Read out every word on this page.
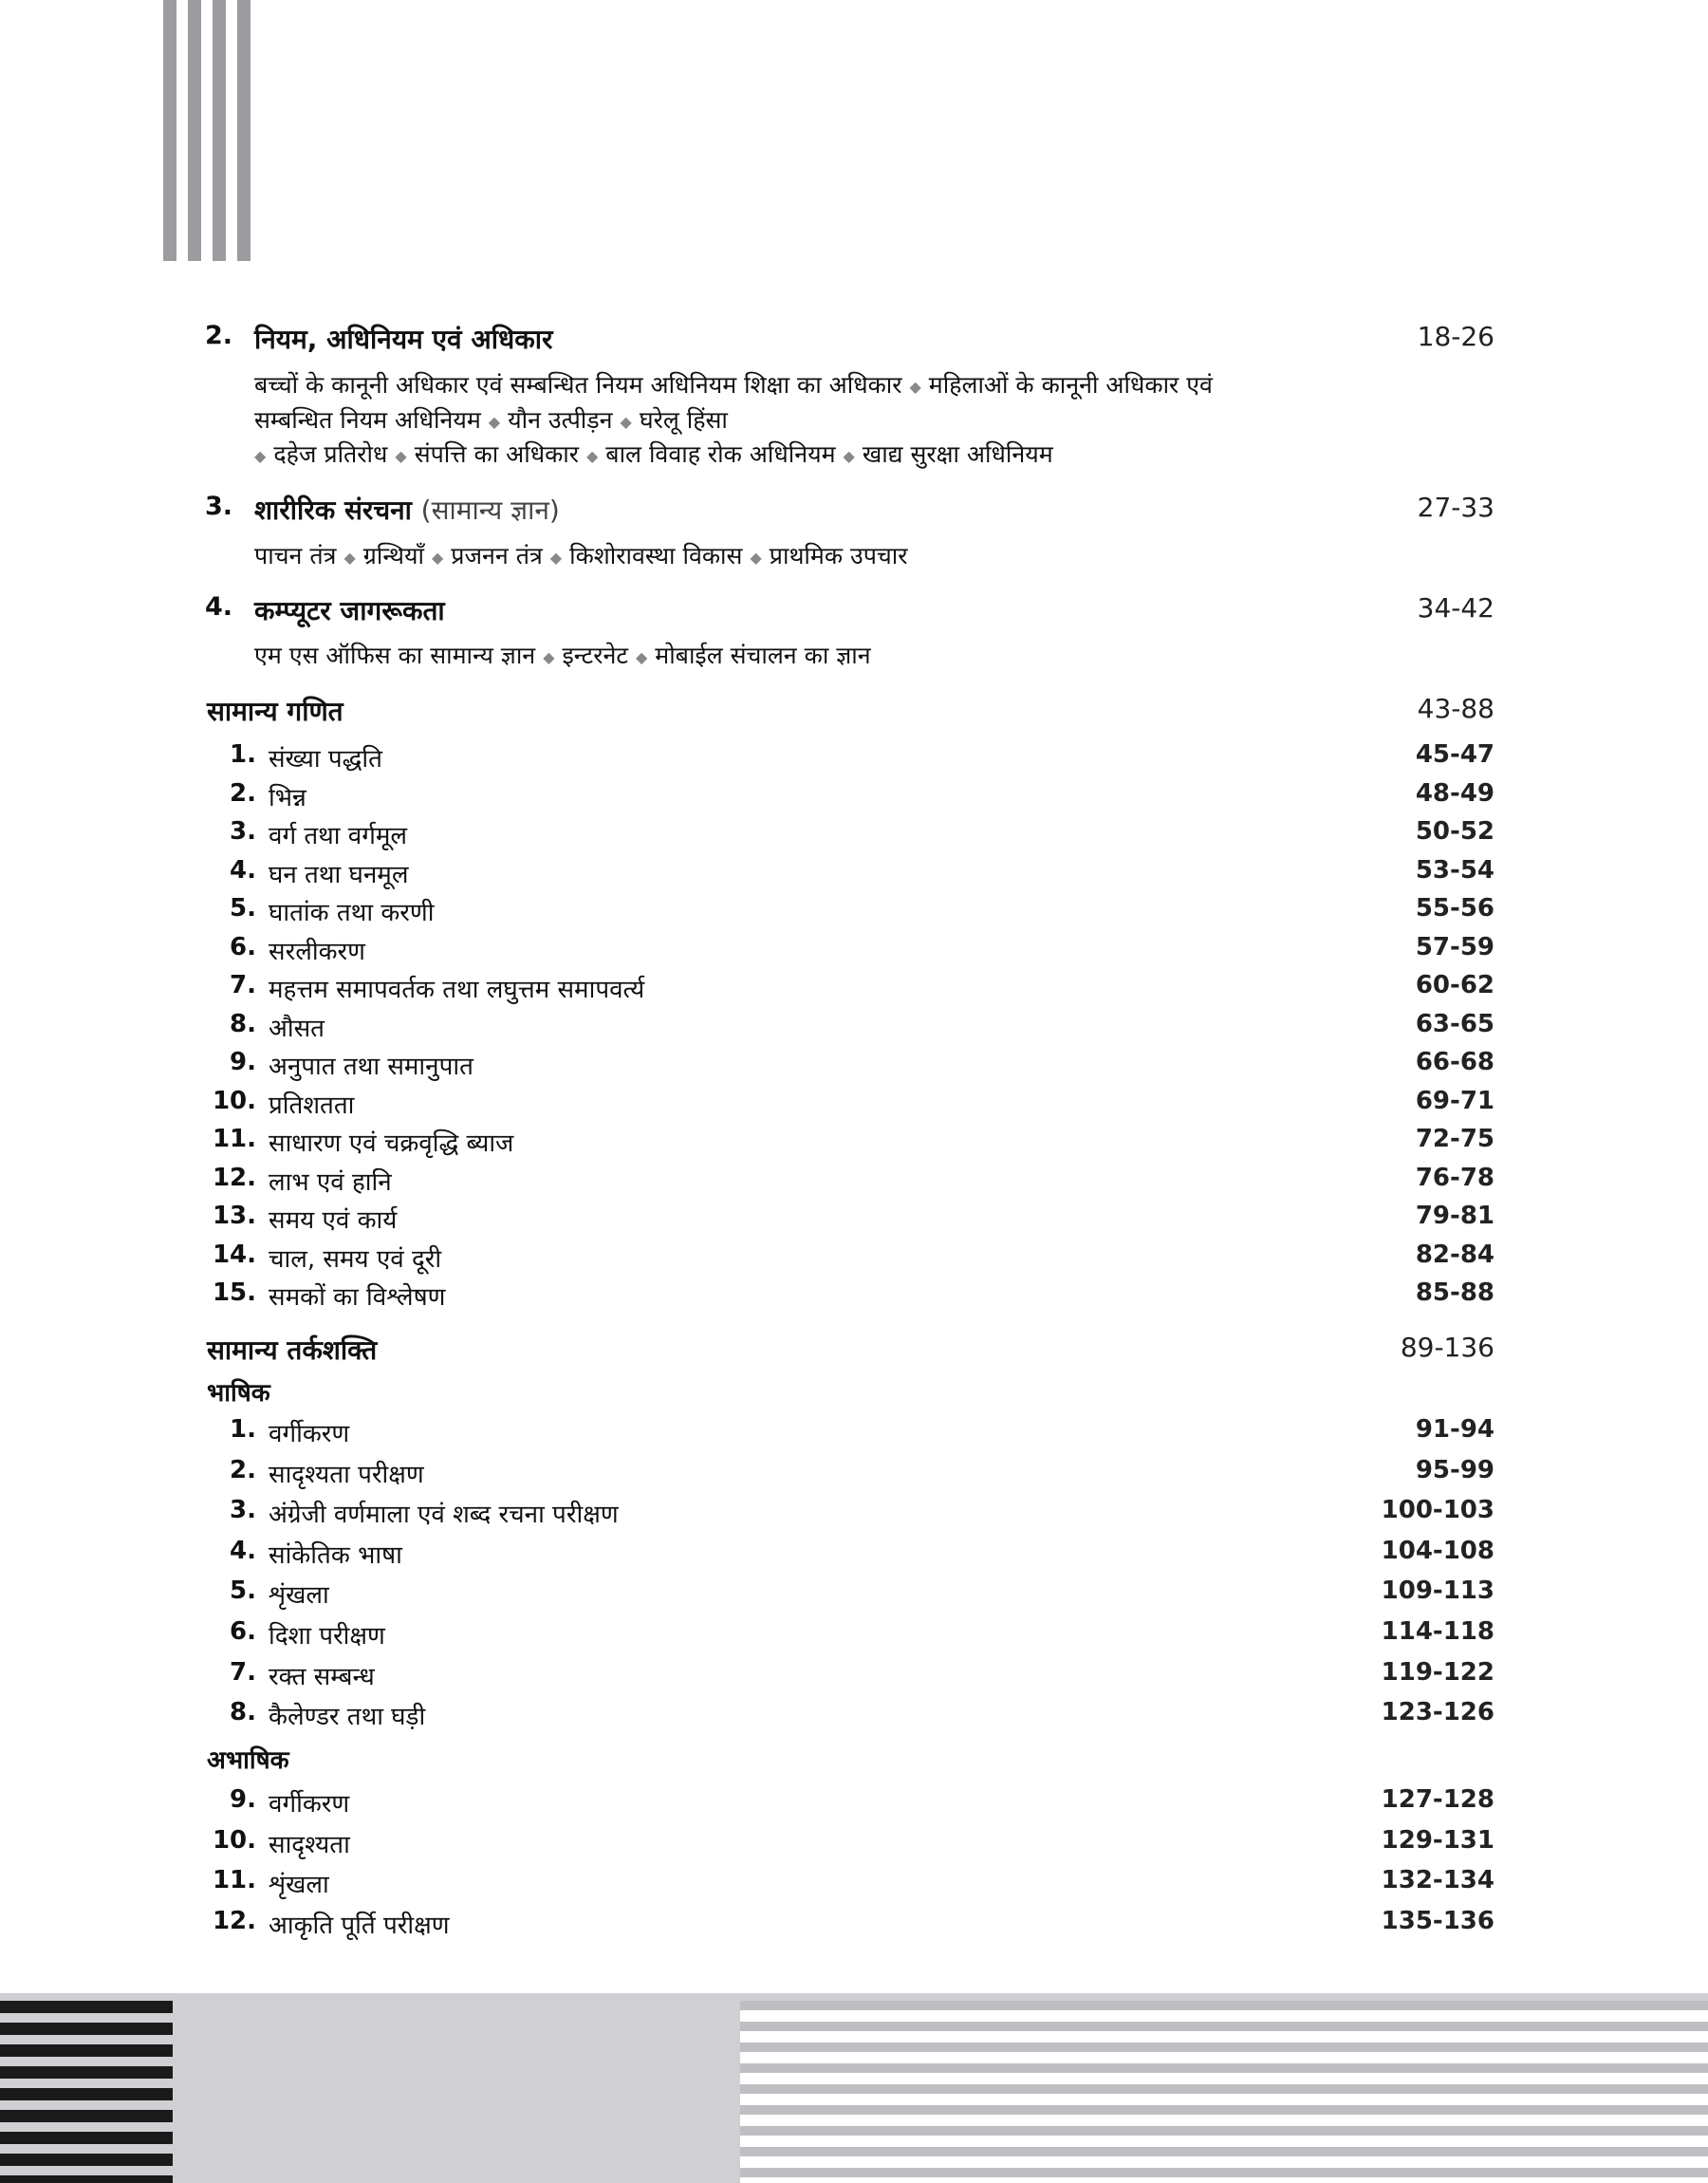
2. नियम, अधिनियम एवं अधिकार	18-26
बच्चों के कानूनी अधिकार एवं सम्बन्धित नियम अधिनियम शिक्षा का अधिकार ◆ महिलाओं के कानूनी अधिकार एवं
सम्बन्धित नियम अधिनियम ◆ यौन उत्पीड़न ◆ घरेलू हिंसा
◆ दहेज प्रतिरोध ◆ संपत्ति का अधिकार ◆ बाल विवाह रोक अधिनियम ◆ खाद्य सुरक्षा अधिनियम
3. शारीरिक संरचना (सामान्य ज्ञान)	27-33
पाचन तंत्र ◆ ग्रन्थियाँ ◆ प्रजनन तंत्र ◆ किशोरावस्था विकास ◆ प्राथमिक उपचार
4. कम्प्यूटर जागरूकता	34-42
एम एस ऑफिस का सामान्य ज्ञान ◆ इन्टरनेट ◆ मोबाईल संचालन का ज्ञान
सामान्य गणित	43-88
1. संख्या पद्धति	45-47
2. भिन्न	48-49
3. वर्ग तथा वर्गमूल	50-52
4. घन तथा घनमूल	53-54
5. घातांक तथा करणी	55-56
6. सरलीकरण	57-59
7. महत्तम समापवर्तक तथा लघुत्तम समापवर्त्य	60-62
8. औसत	63-65
9. अनुपात तथा समानुपात	66-68
10. प्रतिशतता	69-71
11. साधारण एवं चक्रवृद्धि ब्याज	72-75
12. लाभ एवं हानि	76-78
13. समय एवं कार्य	79-81
14. चाल, समय एवं दूरी	82-84
15. समकों का विश्लेषण	85-88
सामान्य तर्कशक्ति	89-136
भाषिक
1. वर्गीकरण	91-94
2. सादृश्यता परीक्षण	95-99
3. अंग्रेजी वर्णमाला एवं शब्द रचना परीक्षण	100-103
4. सांकेतिक भाषा	104-108
5. शृंखला	109-113
6. दिशा परीक्षण	114-118
7. रक्त सम्बन्ध	119-122
8. कैलेण्डर तथा घड़ी	123-126
अभाषिक
9. वर्गीकरण	127-128
10. सादृश्यता	129-131
11. शृंखला	132-134
12. आकृति पूर्ति परीक्षण	135-136
